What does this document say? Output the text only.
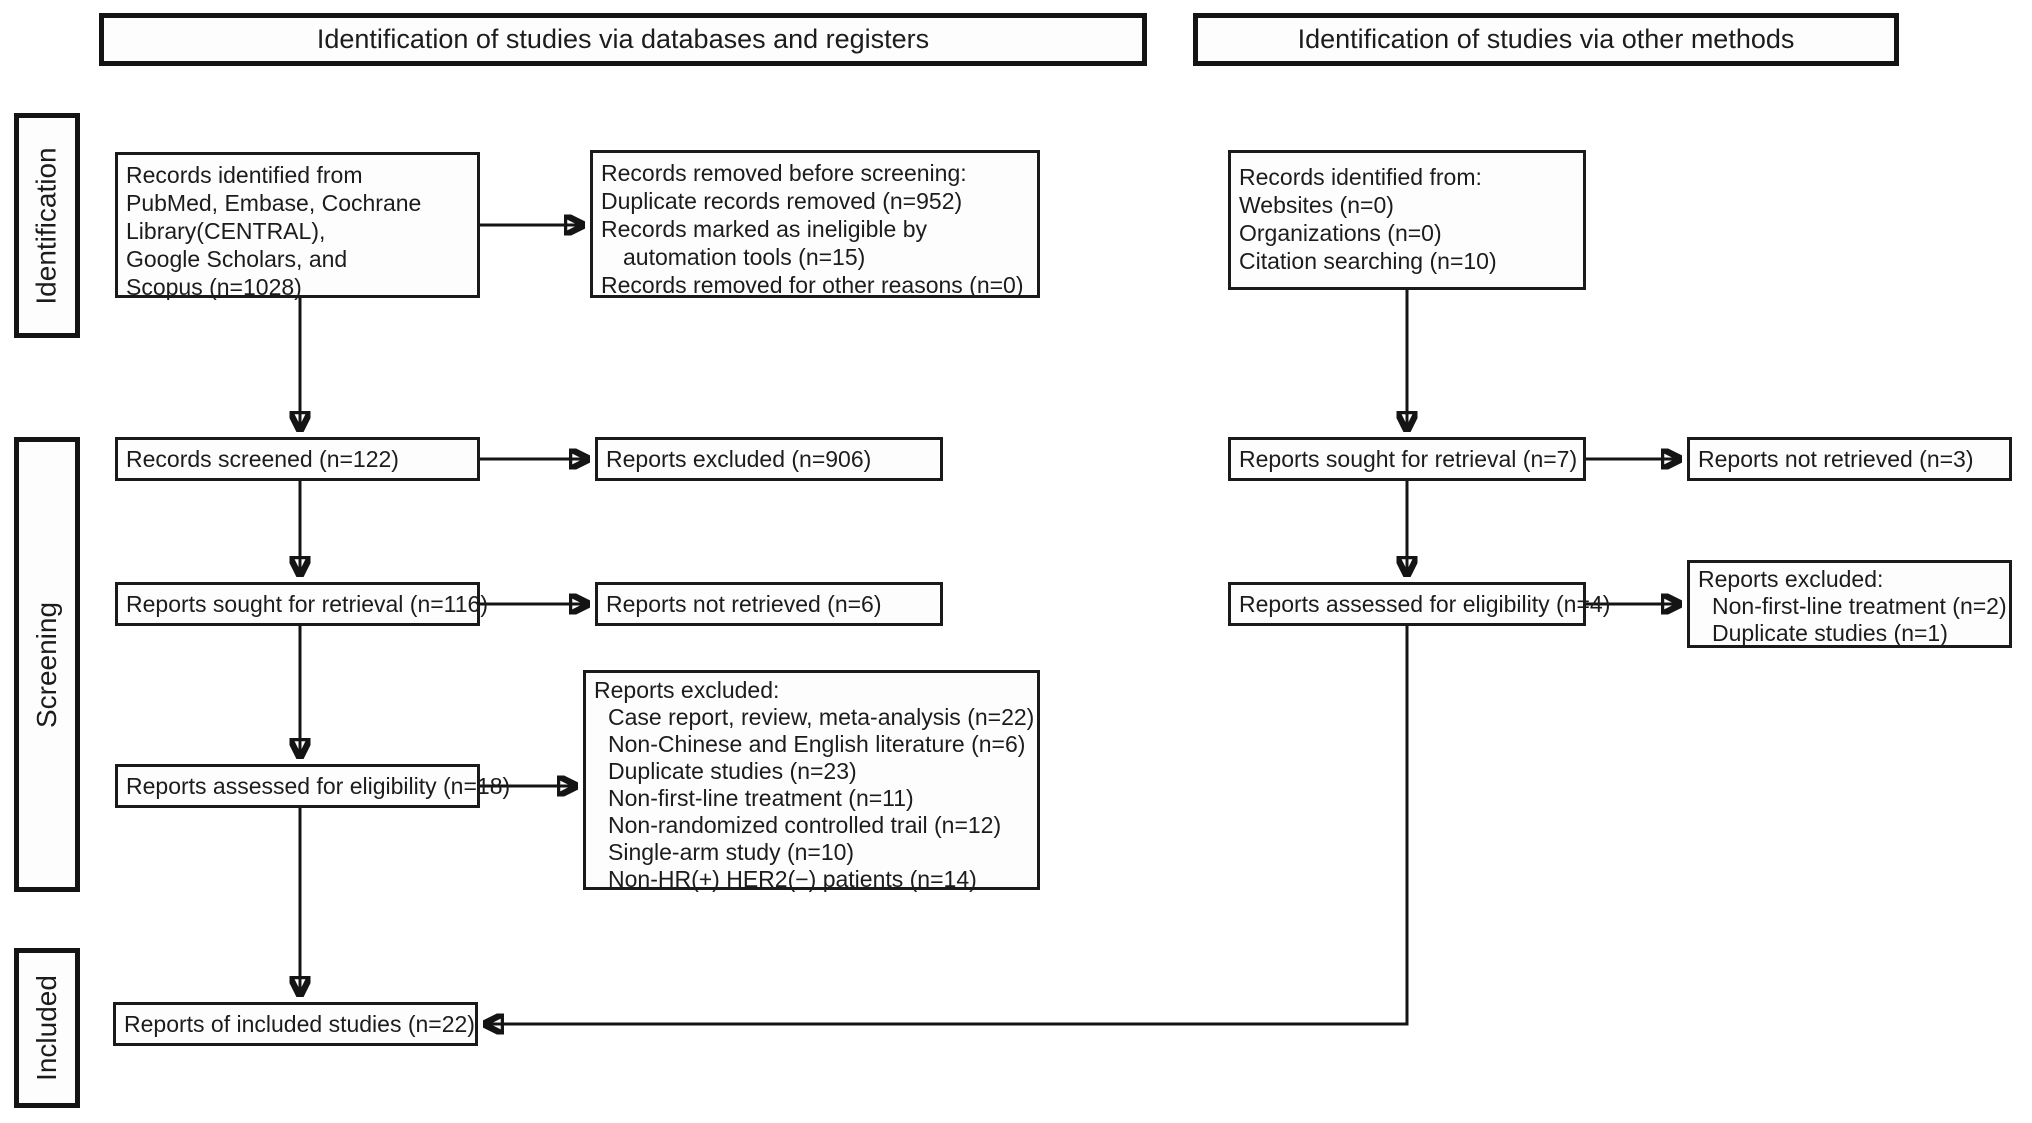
Identification of studies via databases and registers	Identification of studies via other methods
Identification
Screening
Included
Records identified from
PubMed, Embase, Cochrane
Library(CENTRAL),
Google Scholars, and
Scopus (n=1028)
Records removed before screening:
Duplicate records removed (n=952)
Records marked as ineligible by
automation tools (n=15)
Records removed for other reasons (n=0)
Records screened (n=122)	Reports excluded (n=906)
Reports sought for retrieval (n=116)	Reports not retrieved (n=6)
Reports assessed for eligibility (n=18)
Reports excluded:
Case report, review, meta-analysis (n=22)
Non-Chinese and English literature (n=6)
Duplicate studies (n=23)
Non-first-line treatment (n=11)
Non-randomized controlled trail (n=12)
Single-arm study (n=10)
Non-HR(+) HER2(−) patients (n=14)
Reports of included studies (n=22)
Records identified from:
Websites (n=0)
Organizations (n=0)
Citation searching (n=10)
Reports sought for retrieval (n=7)	Reports not retrieved (n=3)
Reports assessed for eligibility (n=4)
Reports excluded:
Non-first-line treatment (n=2)
Duplicate studies (n=1)
